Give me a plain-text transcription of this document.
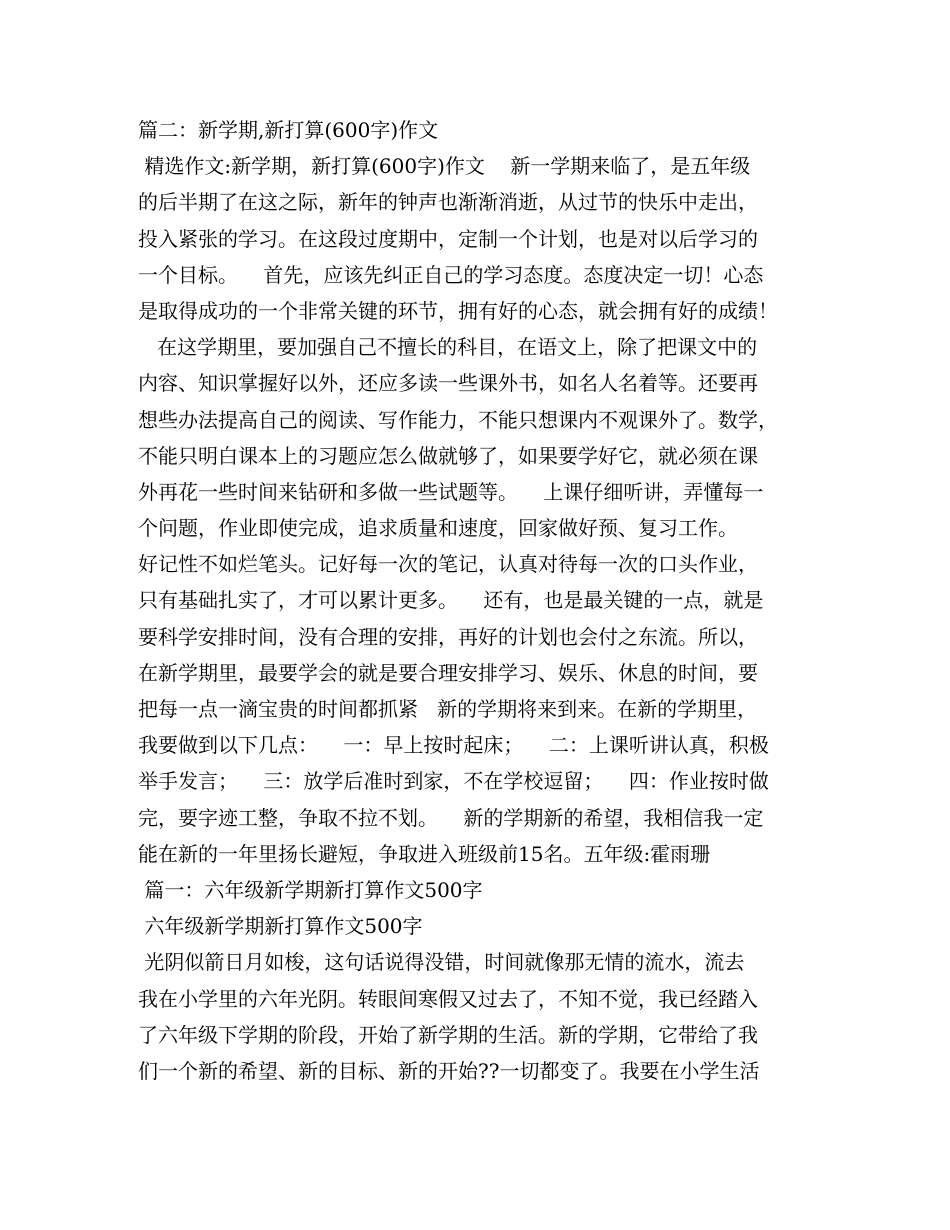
篇二：新学期,新打算(600字)作文
精选作文:新学期，新打算(600字)作文    新一学期来临了，是五年级
的后半期了在这之际，新年的钟声也渐渐消逝，从过节的快乐中走出，
投入紧张的学习。在这段过度期中，定制一个计划，也是对以后学习的
一个目标。    首先，应该先纠正自己的学习态度。态度决定一切！心态
是取得成功的一个非常关键的环节，拥有好的心态，就会拥有好的成绩！
在这学期里，要加强自己不擅长的科目，在语文上，除了把课文中的
内容、知识掌握好以外，还应多读一些课外书，如名人名着等。还要再
想些办法提高自己的阅读、写作能力，不能只想课内不观课外了。数学，
不能只明白课本上的习题应怎么做就够了，如果要学好它，就必须在课
外再花一些时间来钻研和多做一些试题等。    上课仔细听讲，弄懂每一
个问题，作业即使完成，追求质量和速度，回家做好预、复习工作。
好记性不如烂笔头。记好每一次的笔记，认真对待每一次的口头作业，
只有基础扎实了，才可以累计更多。    还有，也是最关键的一点，就是
要科学安排时间，没有合理的安排，再好的计划也会付之东流。所以，
在新学期里，最要学会的就是要合理安排学习、娱乐、休息的时间，要
把每一点一滴宝贵的时间都抓紧   新的学期将来到来。在新的学期里，
我要做到以下几点：    一：早上按时起床；    二：上课听讲认真，积极
举手发言；    三：放学后准时到家，不在学校逗留；    四：作业按时做
完，要字迹工整，争取不拉不划。    新的学期新的希望，我相信我一定
能在新的一年里扬长避短，争取进入班级前15名。五年级:霍雨珊
篇一：六年级新学期新打算作文500字
六年级新学期新打算作文500字
光阴似箭日月如梭，这句话说得没错，时间就像那无情的流水，流去
我在小学里的六年光阴。转眼间寒假又过去了，不知不觉，我已经踏入
了六年级下学期的阶段，开始了新学期的生活。新的学期，它带给了我
们一个新的希望、新的目标、新的开始??一切都变了。我要在小学生活
